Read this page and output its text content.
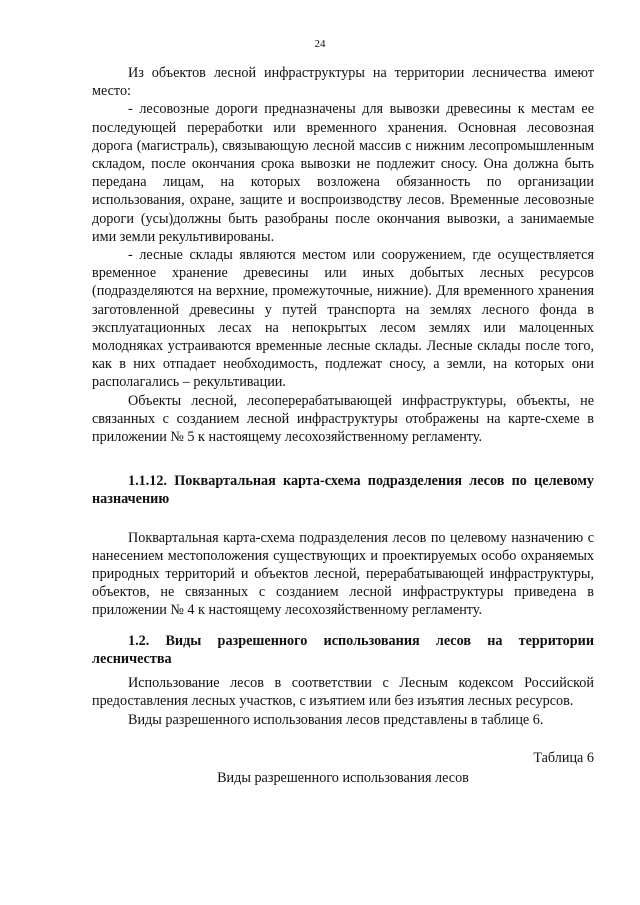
24

Из объектов лесной инфраструктуры на территории лесничества имеют место:

- лесовозные дороги предназначены для вывозки древесины к местам ее последующей переработки или временного хранения. Основная лесовозная дорога (магистраль), связывающую лесной массив с нижним лесопромышленным складом, после окончания срока вывозки не подлежит сносу. Она должна быть передана лицам, на которых возложена обязанность по организации использования, охране, защите и воспроизводству лесов. Временные лесовозные дороги (усы)должны быть разобраны после окончания вывозки, а занимаемые ими земли рекультивированы.

- лесные склады являются местом или сооружением, где осуществляется временное хранение древесины или иных добытых лесных ресурсов (подразделяются на верхние, промежуточные, нижние). Для временного хранения заготовленной древесины у путей транспорта на землях лесного фонда в эксплуатационных лесах на непокрытых лесом землях или малоценных молодняках устраиваются временные лесные склады. Лесные склады после того, как в них отпадает необходимость, подлежат сносу, а земли, на которых они располагались – рекультивации.

Объекты лесной, лесоперерабатывающей инфраструктуры, объекты, не связанных с созданием лесной инфраструктуры отображены на карте-схеме в приложении № 5 к настоящему лесохозяйственному регламенту.

1.1.12. Поквартальная карта-схема подразделения лесов по целевому назначению

Поквартальная карта-схема подразделения лесов по целевому назначению с нанесением местоположения существующих и проектируемых особо охраняемых природных территорий и объектов лесной, перерабатывающей инфраструктуры, объектов, не связанных с созданием лесной инфраструктуры приведена в приложении № 4 к настоящему лесохозяйственному регламенту.

1.2. Виды разрешенного использования лесов на территории лесничества

Использование лесов в соответствии с Лесным кодексом Российской предоставления лесных участков, с изъятием или без изъятия лесных ресурсов.

Виды разрешенного использования лесов представлены в таблице 6.

Таблица 6

Виды разрешенного использования лесов
